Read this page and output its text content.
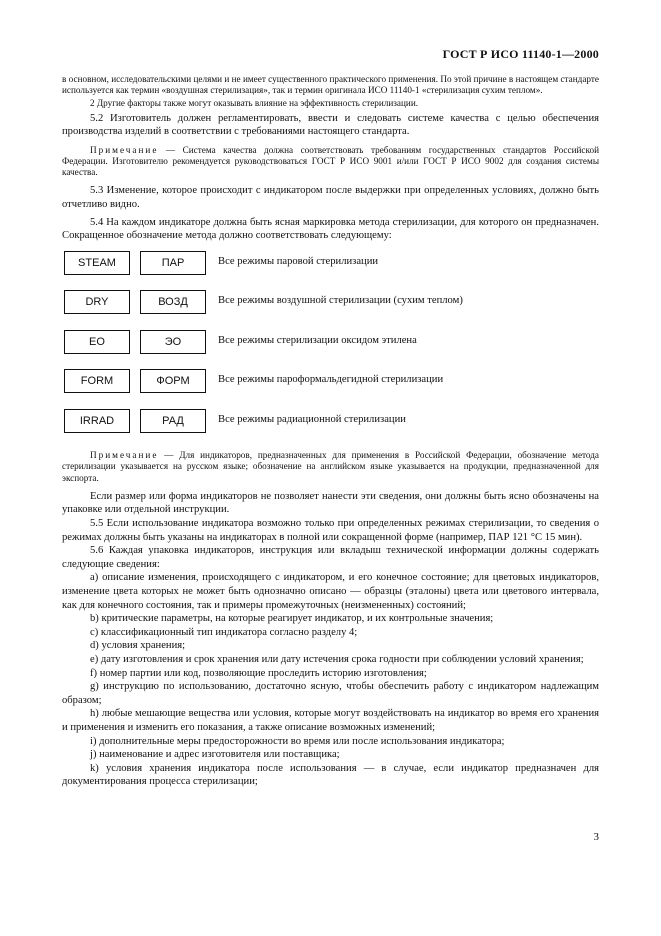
ГОСТ Р ИСО 11140-1—2000

в основном, исследовательскими целями и не имеет существенного практического применения. По этой причине в настоящем стандарте используется как термин «воздушная стерилизация», так и термин оригинала ИСО 11140-1 «стерилизация сухим теплом».

2 Другие факторы также могут оказывать влияние на эффективность стерилизации.

5.2 Изготовитель должен регламентировать, ввести и следовать системе качества с целью обеспечения производства изделий в соответствии с требованиями настоящего стандарта.

Примечание — Система качества должна соответствовать требованиям государственных стандартов Российской Федерации. Изготовителю рекомендуется руководствоваться ГОСТ Р ИСО 9001 и/или ГОСТ Р ИСО 9002 для создания системы качества.

5.3 Изменение, которое происходит с индикатором после выдержки при определенных условиях, должно быть отчетливо видно.

5.4 На каждом индикаторе должна быть ясная маркировка метода стерилизации, для которого он предназначен. Сокращенное обозначение метода должно соответствовать следующему:

STEAM	ПАР	Все режимы паровой стерилизации
DRY	ВОЗД	Все режимы воздушной стерилизации (сухим теплом)
EO	ЭО	Все режимы стерилизации оксидом этилена
FORM	ФОРМ	Все режимы пароформальдегидной стерилизации
IRRAD	РАД	Все режимы радиационной стерилизации

Примечание — Для индикаторов, предназначенных для применения в Российской Федерации, обозначение метода стерилизации указывается на русском языке; обозначение на английском языке указывается на продукции, предназначенной для экспорта.

Если размер или форма индикаторов не позволяет нанести эти сведения, они должны быть ясно обозначены на упаковке или отдельной инструкции.

5.5 Если использование индикатора возможно только при определенных режимах стерилизации, то сведения о режимах должны быть указаны на индикаторах в полной или сокращенной форме (например, ПАР 121 °С 15 мин).

5.6 Каждая упаковка индикаторов, инструкция или вкладыш технической информации должны содержать следующие сведения:

a) описание изменения, происходящего с индикатором, и его конечное состояние; для цветовых индикаторов, изменение цвета которых не может быть однозначно описано — образцы (эталоны) цвета или цветового интервала, как для конечного состояния, так и примеры промежуточных (неизмененных) состояний;

b) критические параметры, на которые реагирует индикатор, и их контрольные значения;

c) классификационный тип индикатора согласно разделу 4;

d) условия хранения;

e) дату изготовления и срок хранения или дату истечения срока годности при соблюдении условий хранения;

f) номер партии или код, позволяющие проследить историю изготовления;

g) инструкцию по использованию, достаточно ясную, чтобы обеспечить работу с индикатором надлежащим образом;

h) любые мешающие вещества или условия, которые могут воздействовать на индикатор во время его хранения и применения и изменить его показания, а также описание возможных изменений;

i) дополнительные меры предосторожности во время или после использования индикатора;

j) наименование и адрес изготовителя или поставщика;

k) условия хранения индикатора после использования — в случае, если индикатор предназначен для документирования процесса стерилизации;

3
